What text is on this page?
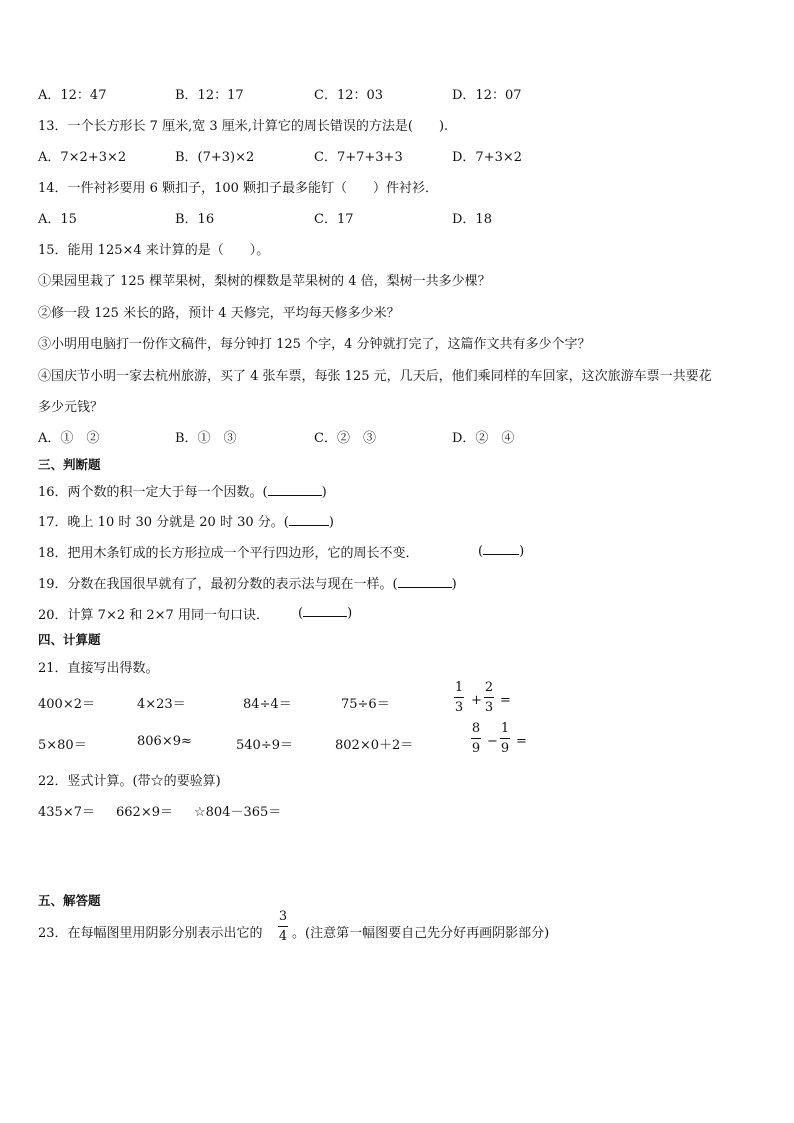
A．12：47	B．12：17	C．12：03	D．12：07
13．一个长方形长 7 厘米,宽 3 厘米,计算它的周长错误的方法是(　　).
A．7×2+3×2	B．(7+3)×2	C．7+7+3+3	D．7+3×2
14．一件衬衫要用 6 颗扣子，100 颗扣子最多能钉（　　）件衬衫．
A．15	B．16	C．17	D．18
15．能用 125×4 来计算的是（　　）。
①果园里栽了 125 棵苹果树，梨树的棵数是苹果树的 4 倍，梨树一共多少棵？
②修一段 125 米长的路，预计 4 天修完，平均每天修多少米？
③小明用电脑打一份作文稿件，每分钟打 125 个字，4 分钟就打完了，这篇作文共有多少个字？
④国庆节小明一家去杭州旅游，买了 4 张车票，每张 125 元，几天后，他们乘同样的车回家，这次旅游车票一共要花
多少元钱？
A．①　②	B．①　③	C．②　③	D．②　④
三、判断题
16．两个数的积一定大于每一个因数。(	)
17．晚上 10 时 30 分就是 20 时 30 分。(	)
18．把用木条钉成的长方形拉成一个平行四边形，它的周长不变．	(	)
19．分数在我国很早就有了，最初分数的表示法与现在一样。(	)
20．计算 7×2 和 2×7 用同一句口诀． (	)
四、计算题
21．直接写出得数。
400×2＝	4×23＝	84÷4＝	75÷6＝
1
3 +
2
3 =
5×80＝	806×9≈	540÷9＝	802×0＋2＝
8
9 −
1
9 =
22．竖式计算。(带☆的要验算)
435×7＝ 662×9＝ ☆804－365＝
五、解答题
23．在每幅图里用阴影分别表示出它的
3
4 。(注意第一幅图要自己先分好再画阴影部分)
